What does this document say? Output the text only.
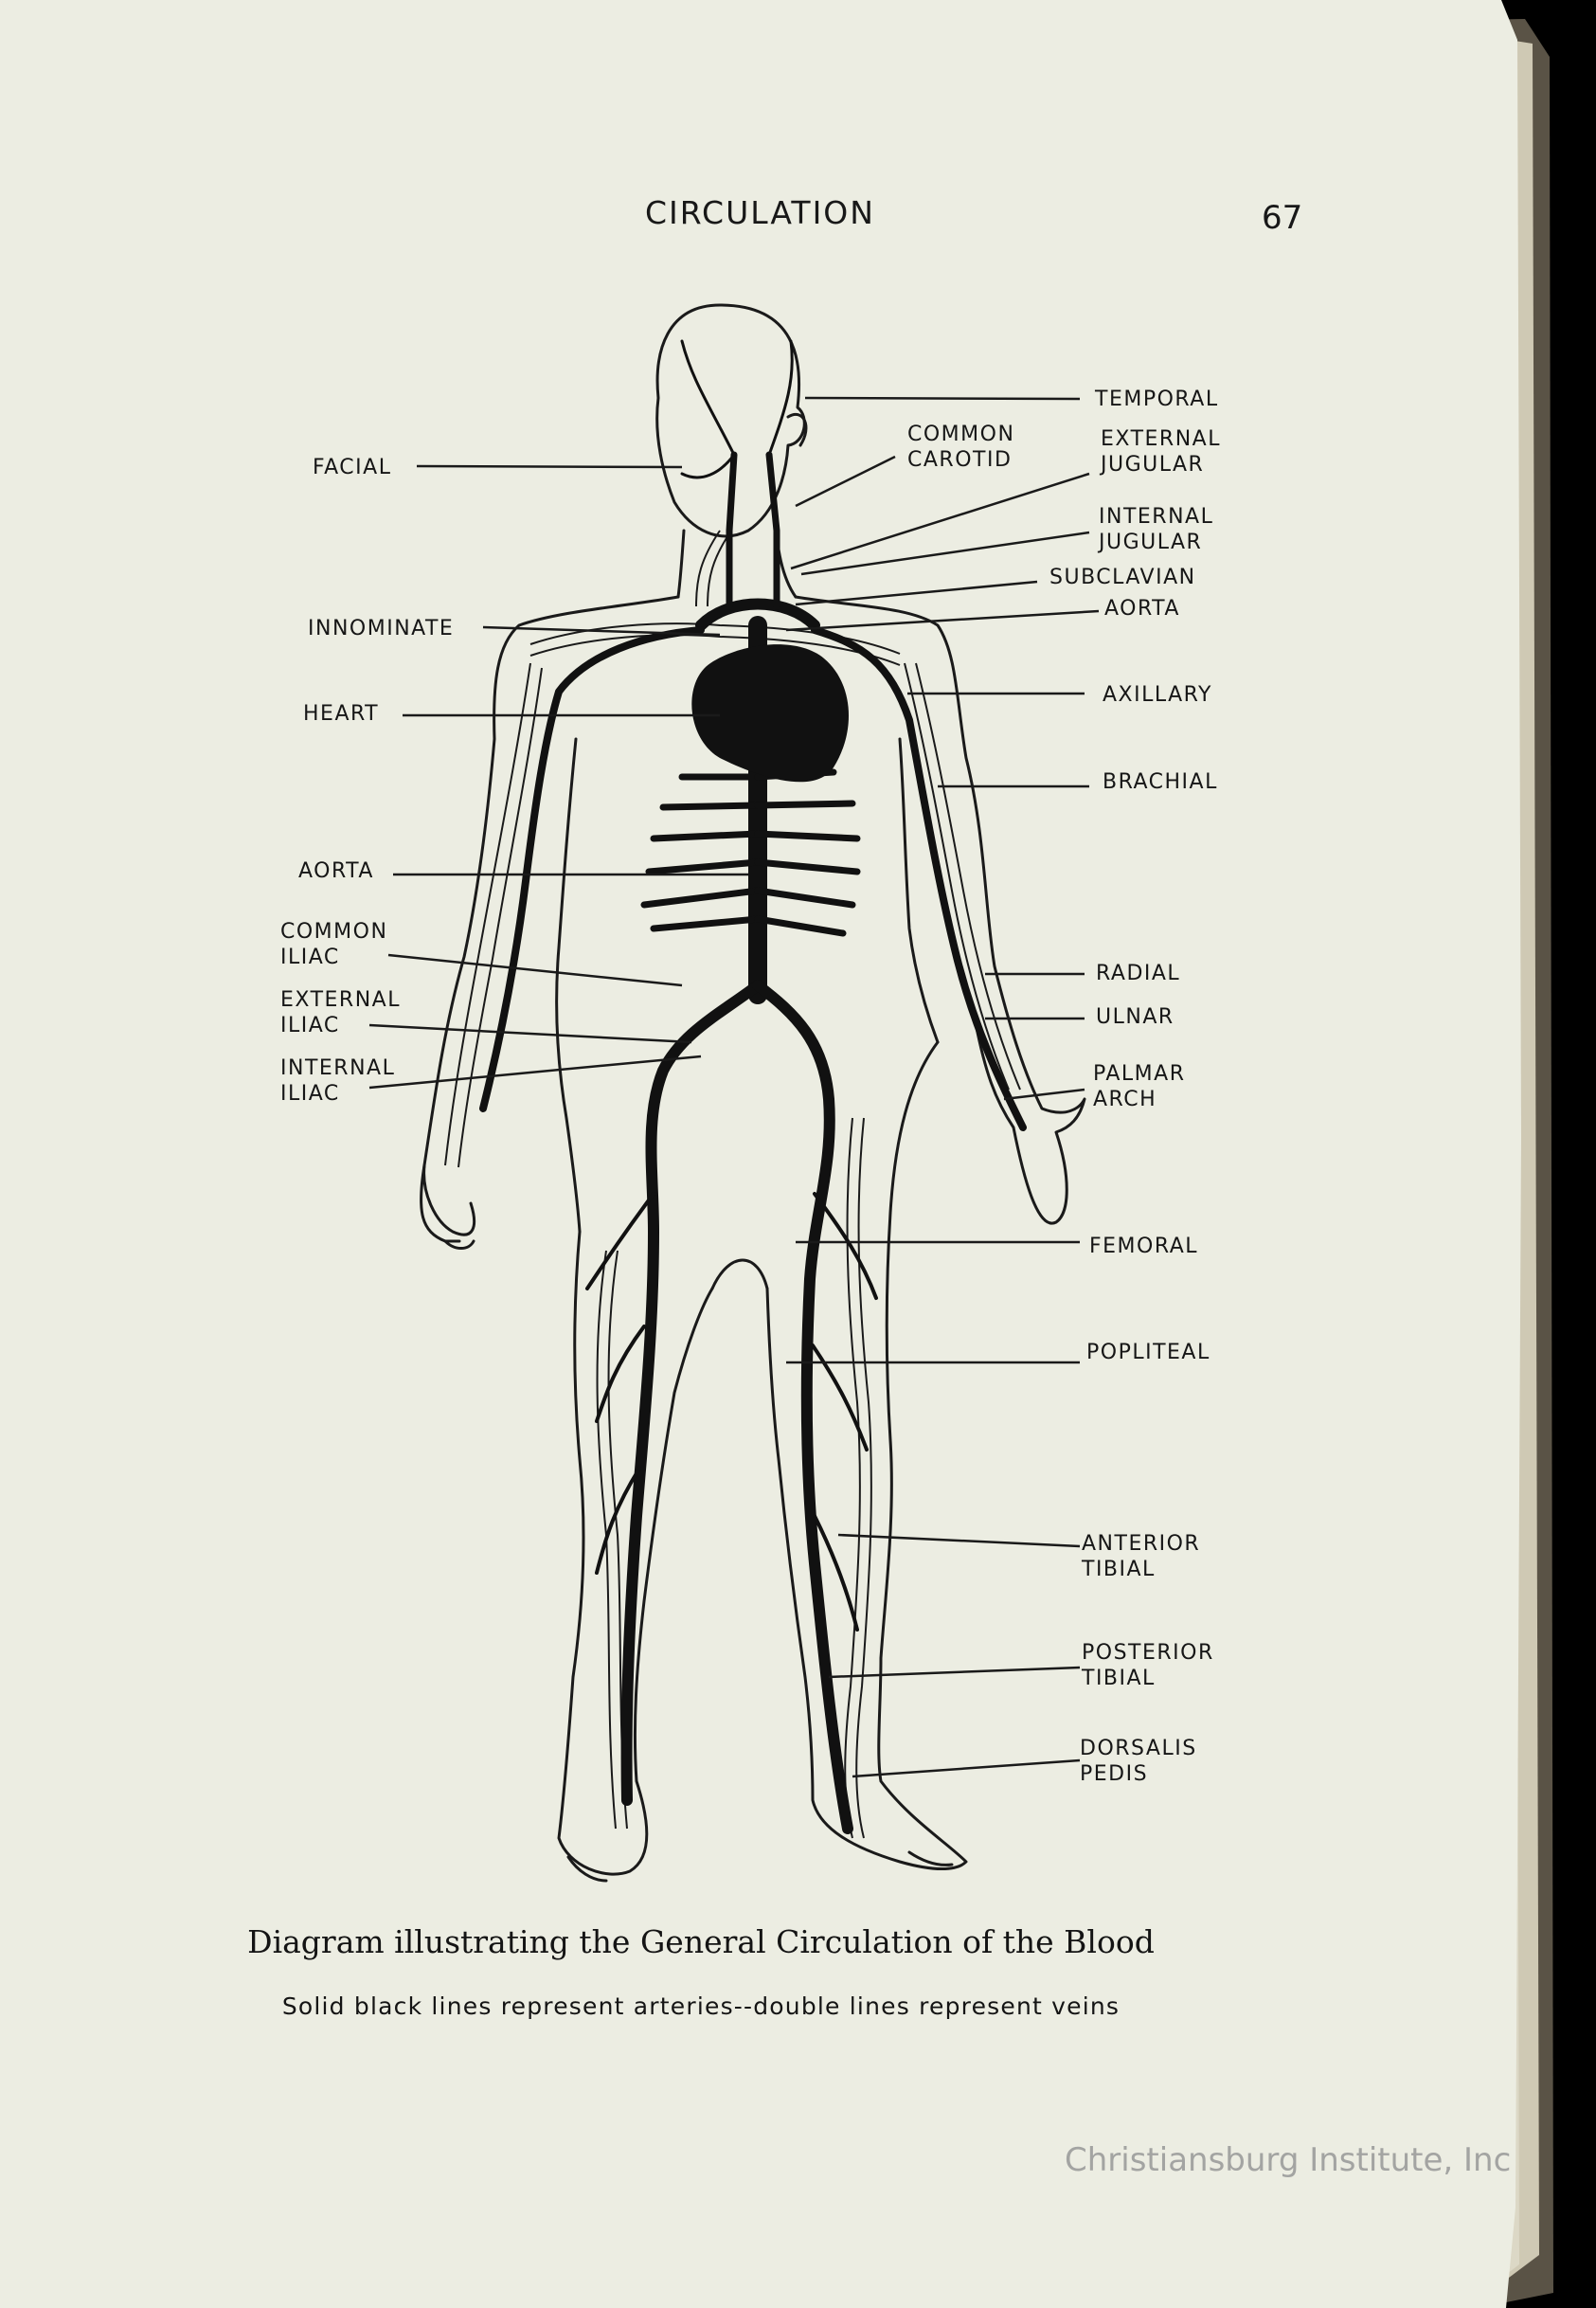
CIRCULATION	67
TEMPORAL
COMMON
CAROTID
EXTERNAL
JUGULAR
INTERNAL
JUGULAR
SUBCLAVIAN
AORTA
AXILLARY
BRACHIAL
RADIAL
ULNAR
PALMAR
ARCH
FEMORAL
POPLITEAL
ANTERIOR
TIBIAL
POSTERIOR
TIBIAL
DORSALIS
PEDIS
FACIAL
INNOMINATE
HEART
AORTA
COMMON
ILIAC
EXTERNAL
ILIAC
INTERNAL
ILIAC
Diagram illustrating the General Circulation of the Blood
Solid black lines represent arteries--double lines represent veins
Christiansburg Institute, Inc
